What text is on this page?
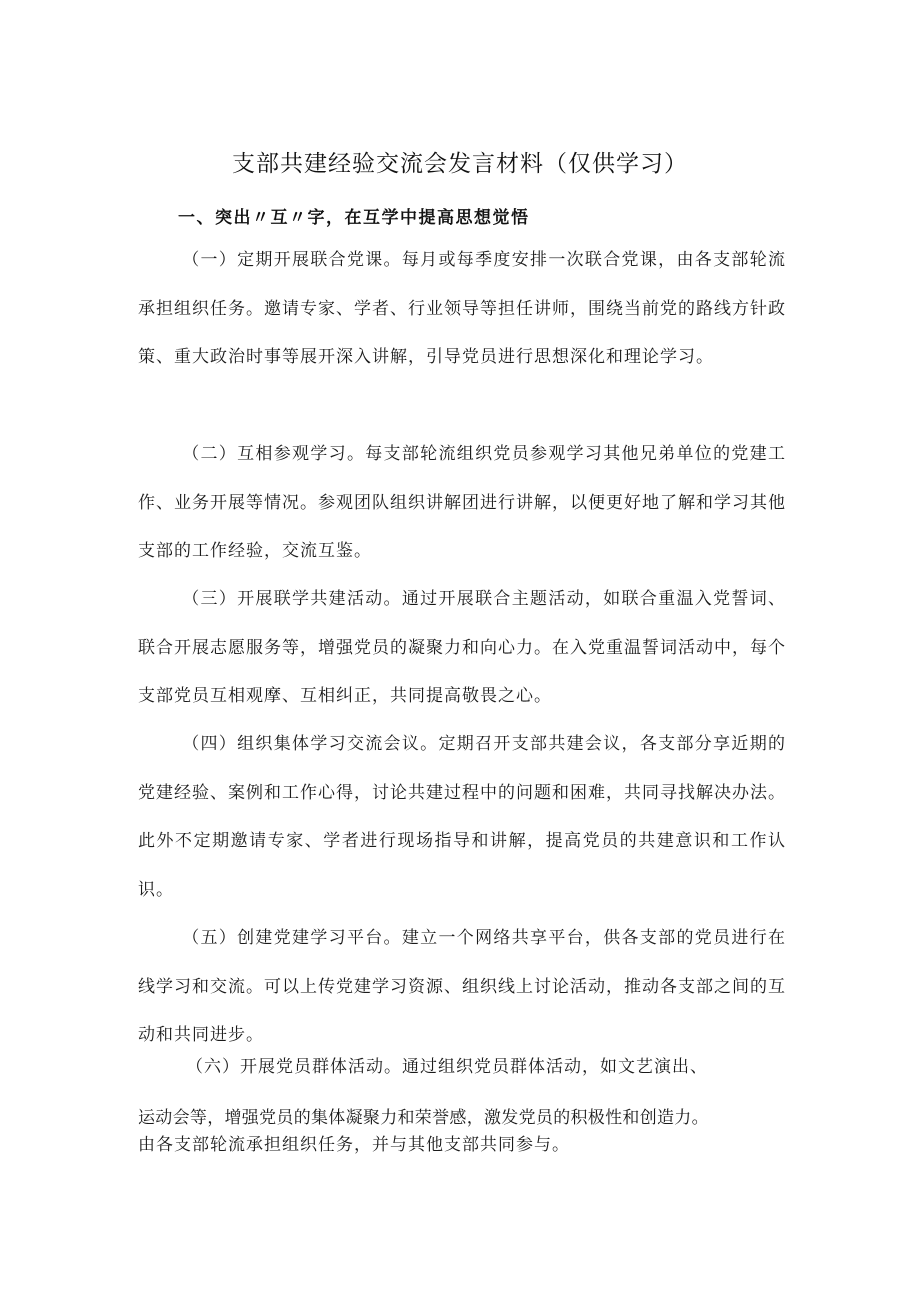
支部共建经验交流会发言材料（仅供学习）
一、突出〃互〃字，在互学中提高思想觉悟

（一）定期开展联合党课。每月或每季度安排一次联合党课，由各支部轮流承担组织任务。邀请专家、学者、行业领导等担任讲师，围绕当前党的路线方针政策、重大政治时事等展开深入讲解，引导党员进行思想深化和理论学习。

（二）互相参观学习。每支部轮流组织党员参观学习其他兄弟单位的党建工作、业务开展等情况。参观团队组织讲解团进行讲解，以便更好地了解和学习其他支部的工作经验，交流互鉴。

（三）开展联学共建活动。通过开展联合主题活动，如联合重温入党誓词、联合开展志愿服务等，增强党员的凝聚力和向心力。在入党重温誓词活动中，每个支部党员互相观摩、互相纠正，共同提高敬畏之心。

（四）组织集体学习交流会议。定期召开支部共建会议，各支部分享近期的党建经验、案例和工作心得，讨论共建过程中的问题和困难，共同寻找解决办法。此外不定期邀请专家、学者进行现场指导和讲解，提高党员的共建意识和工作认识。

（五）创建党建学习平台。建立一个网络共享平台，供各支部的党员进行在线学习和交流。可以上传党建学习资源、组织线上讨论活动，推动各支部之间的互动和共同进步。

（六）开展党员群体活动。通过组织党员群体活动，如文艺演出、

运动会等，增强党员的集体凝聚力和荣誉感，激发党员的积极性和创造力。

由各支部轮流承担组织任务，并与其他支部共同参与。
